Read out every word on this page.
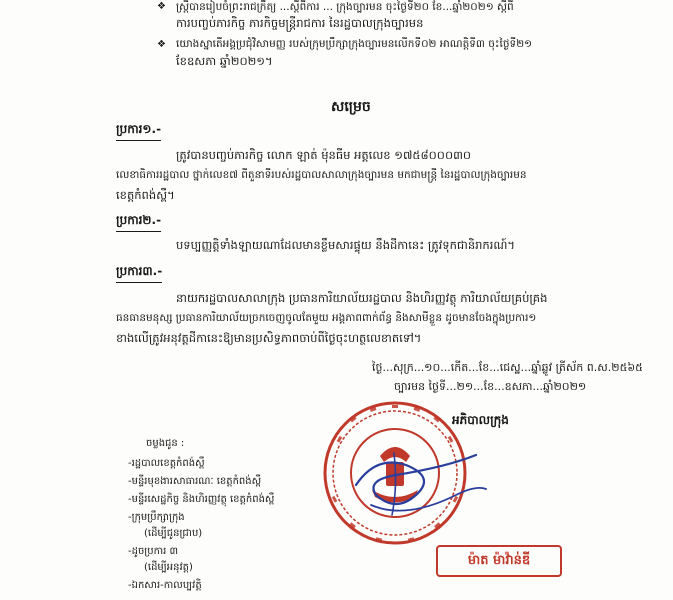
❖ ស្រ្តីបានរៀបចំព្រះរាជក្រឹត្យ ...ស្ដីពីការ ... ក្រុងច្បារមន ចុះថ្ងៃទី២០ ខែ...ឆ្នាំ២០២១ ស្ដីពី
ការបញ្ចប់ភារកិច្ច ភារកិច្ចមន្ត្រីរាជការ នៃរដ្ឋបាលក្រុងច្បារមន
❖ យោងស្នាតើអង្គប្រជុំវិសាមញ្ញ របស់ក្រុមប្រឹក្សាក្រុងច្បារមនលើកទី០២ អាណត្តិទី៣ ចុះថ្ងៃទី២១
ខែឧសភា ឆ្នាំ២០២១។
សម្រេច
ប្រការ១.-
ត្រូវបានបញ្ចប់ភារកិច្ច លោក ឡាត់ ម៉ុនធីម អត្តលេខ ១៧៥៨០០០៣០
លេខាធិការរដ្ឋបាល ថ្នាក់លេខ៧ ពីតួនាទីរបស់រដ្ឋបាលសាលាក្រុងច្បារមន មកជាមន្ត្រី នៃរដ្ឋបាលក្រុងច្បារមន
ខេត្តកំពង់ស្ពឺ។
ប្រការ២.-
បទប្បញ្ញត្តិទាំងឡាយណាដែលមានខ្លឹមសារផ្ទុយ នឹងដីកានេះ ត្រូវទុកជានិរាករណ៍។
ប្រការ៣.-
នាយករដ្ឋបាលសាលាក្រុង ប្រធានការិយាល័យរដ្ឋបាល និងហិរញ្ញវត្ថុ ការិយាល័យគ្រប់គ្រង
ធនធានមនុស្ស ប្រធានការិយាល័យច្រកចេញចូលតែមួយ អង្គភាពពាក់ព័ន្ធ និងសាមីខ្លួន ដូចមានចែងក្នុងប្រការ១
ខាងលើត្រូវអនុវត្តដីកានេះឱ្យមានប្រសិទ្ធភាពចាប់ពីថ្ងៃចុះហត្ថលេខាតទៅ។
ថ្ងៃ...សុក្រ...១០...កើត...ខែ...ជេស្ឋ...ឆ្នាំឆ្លូវ ត្រីស័ក ព.ស.២៥៦៥
ច្បារមន ថ្ងៃទី...២១...ខែ...ឧសភា...ឆ្នាំ២០២១
អភិបាលក្រុង
ចម្លងជូន :
-រដ្ឋបាលខេត្តកំពង់ស្ពឺ
-មន្ទីរមុខងារសាធារណៈ ខេត្តកំពង់ស្ពឺ
-មន្ទីរសេដ្ឋកិច្ច និងហិរញ្ញវត្ថុ ខេត្តកំពង់ស្ពឺ
-ក្រុមប្រឹក្សាក្រុង
(ដើម្បីជូនជ្រាប)
-ដូចប្រការ ៣
(ដើម្បីអនុវត្ត)
-ឯកសារ-កាលប្បវត្តិ
ម៉ាត ម៉ាវ៉ាន់ឌី
